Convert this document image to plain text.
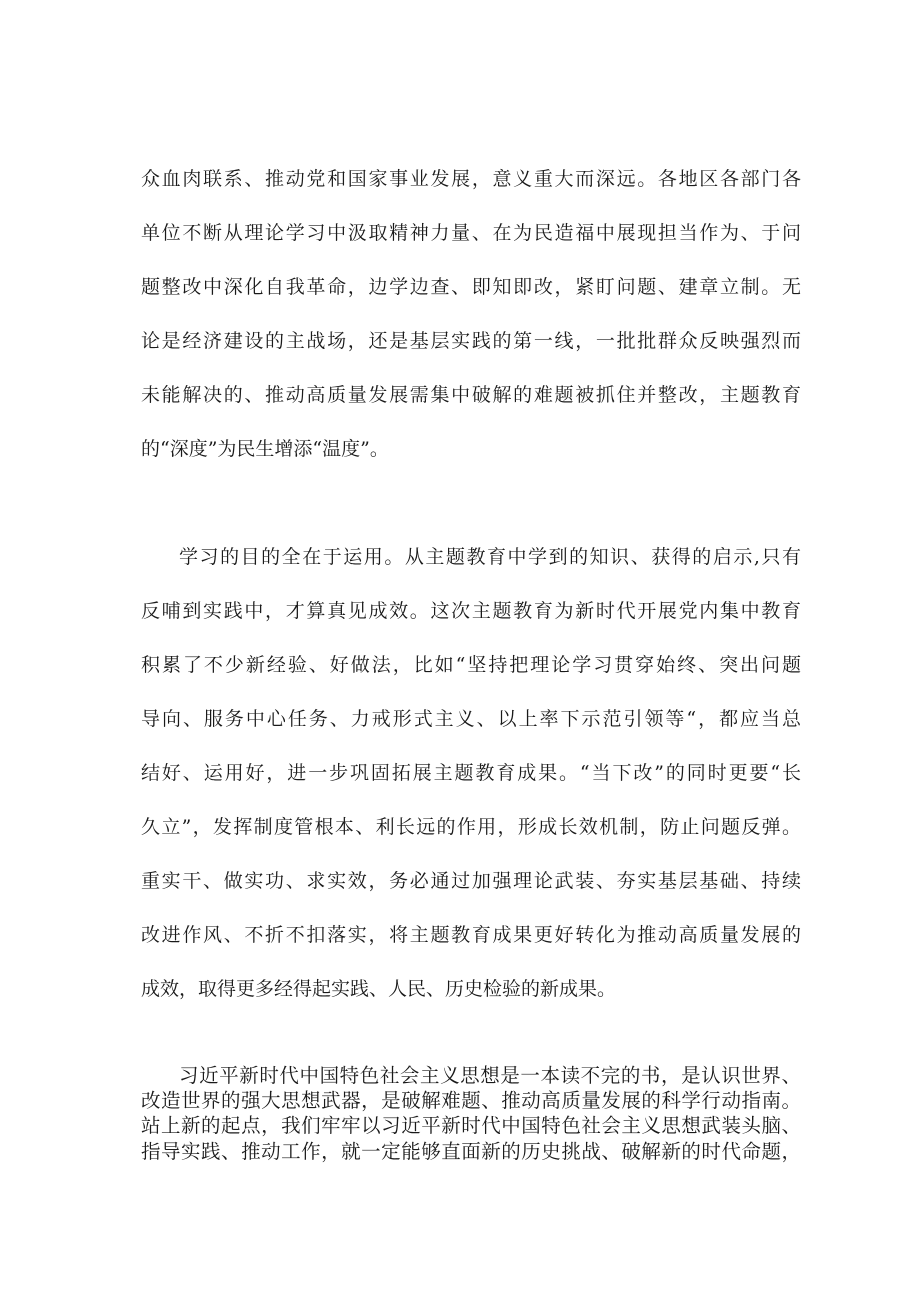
众血肉联系、推动党和国家事业发展，意义重大而深远。各地区各部门各
单位不断从理论学习中汲取精神力量、在为民造福中展现担当作为、于问
题整改中深化自我革命，边学边查、即知即改，紧盯问题、建章立制。无
论是经济建设的主战场，还是基层实践的第一线，一批批群众反映强烈而
未能解决的、推动高质量发展需集中破解的难题被抓住并整改，主题教育
的“深度”为民生增添“温度”。
学习的目的全在于运用。从主题教育中学到的知识、获得的启示,只有
反哺到实践中，才算真见成效。这次主题教育为新时代开展党内集中教育
积累了不少新经验、好做法，比如“坚持把理论学习贯穿始终、突出问题
导向、服务中心任务、力戒形式主义、以上率下示范引领等“，都应当总
结好、运用好，进一步巩固拓展主题教育成果。“当下改”的同时更要“长
久立”，发挥制度管根本、利长远的作用，形成长效机制，防止问题反弹。
重实干、做实功、求实效，务必通过加强理论武装、夯实基层基础、持续
改进作风、不折不扣落实，将主题教育成果更好转化为推动高质量发展的
成效，取得更多经得起实践、人民、历史检验的新成果。
习近平新时代中国特色社会主义思想是一本读不完的书，是认识世界、
改造世界的强大思想武器，是破解难题、推动高质量发展的科学行动指南。
站上新的起点，我们牢牢以习近平新时代中国特色社会主义思想武装头脑、
指导实践、推动工作，就一定能够直面新的历史挑战、破解新的时代命题，
